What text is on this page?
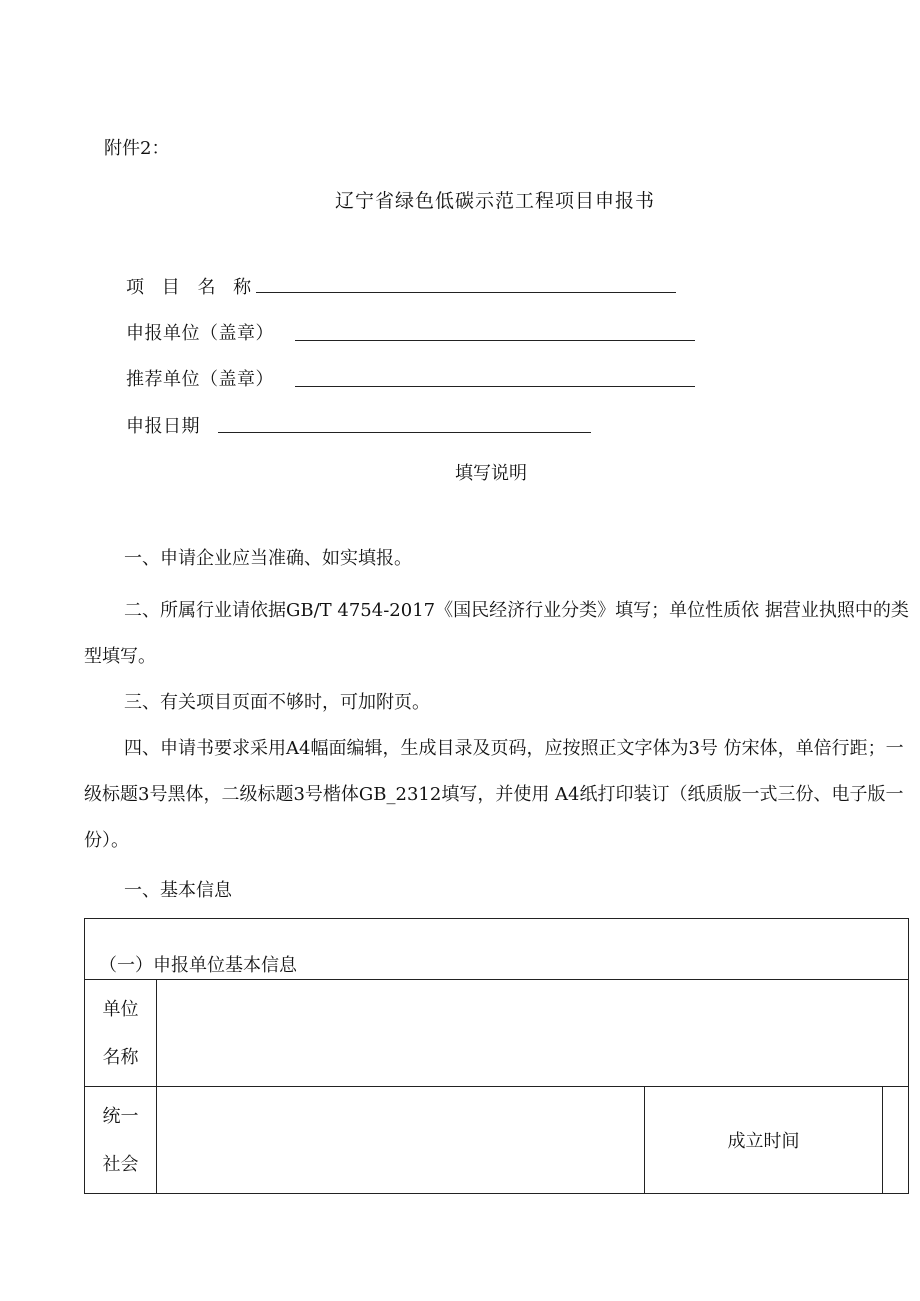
附件2：
辽宁省绿色低碳示范工程项目申报书
项 目 名 称
申报单位（盖章）
推荐单位（盖章）
申报日期
填写说明
一、申请企业应当准确、如实填报。
二、所属行业请依据GB/T 4754-2017《国民经济行业分类》填写；单位性质依 据营业执照中的类型填写。
三、有关项目页面不够时，可加附页。
四、申请书要求采用A4幅面编辑，生成目录及页码，应按照正文字体为3号 仿宋体，单倍行距；一级标题3号黑体，二级标题3号楷体GB_2312填写，并使用 A4纸打印装订（纸质版一式三份、电子版一份）。
一、基本信息
（一）申报单位基本信息			

单位名称			
统一社会		成立时间	
